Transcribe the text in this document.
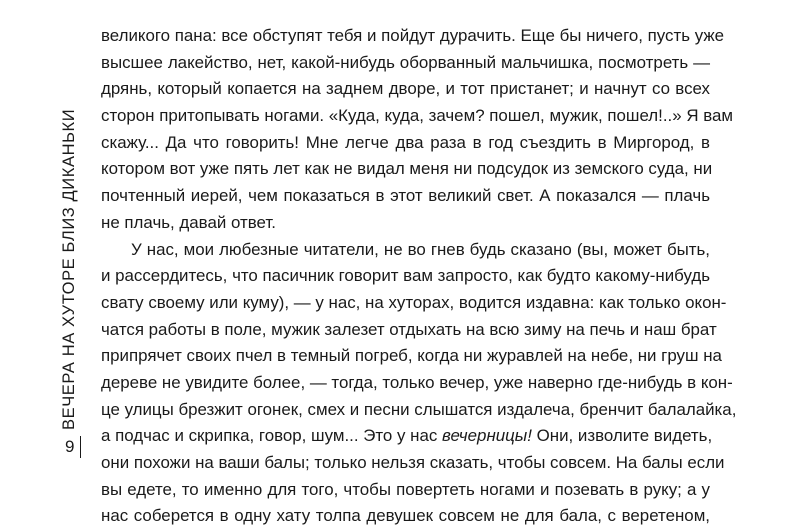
ВЕЧЕРА НА ХУТОРЕ БЛИЗ ДИКАНЬКИ
9
великого пана: все обступят тебя и пойдут дурачить. Еще бы ничего, пусть уже
высшее лакейство, нет, какой-нибудь оборванный мальчишка, посмотреть —
дрянь, который копается на заднем дворе, и тот пристанет; и начнут со всех
сторон притопывать ногами. «Куда, куда, зачем? пошел, мужик, пошел!..» Я вам
скажу... Да что говорить! Мне легче два раза в год съездить в Миргород, в
котором вот уже пять лет как не видал меня ни подсудок из земского суда, ни
почтенный иерей, чем показаться в этот великий свет. А показался — плачь
не плачь, давай ответ.
У нас, мои любезные читатели, не во гнев будь сказано (вы, может быть,
и рассердитесь, что пасичник говорит вам запросто, как будто какому-нибудь
свату своему или куму), — у нас, на хуторах, водится издавна: как только окон-
чатся работы в поле, мужик залезет отдыхать на всю зиму на печь и наш брат
припрячет своих пчел в темный погреб, когда ни журавлей на небе, ни груш на
дереве не увидите более, — тогда, только вечер, уже наверно где-нибудь в кон-
це улицы брезжит огонек, смех и песни слышатся издалеча, бренчит балалайка,
а подчас и скрипка, говор, шум... Это у нас вечерницы! Они, изволите видеть,
они похожи на ваши балы; только нельзя сказать, чтобы совсем. На балы если
вы едете, то именно для того, чтобы повертеть ногами и позевать в руку; а у
нас соберется в одну хату толпа девушек совсем не для бала, с веретеном,
